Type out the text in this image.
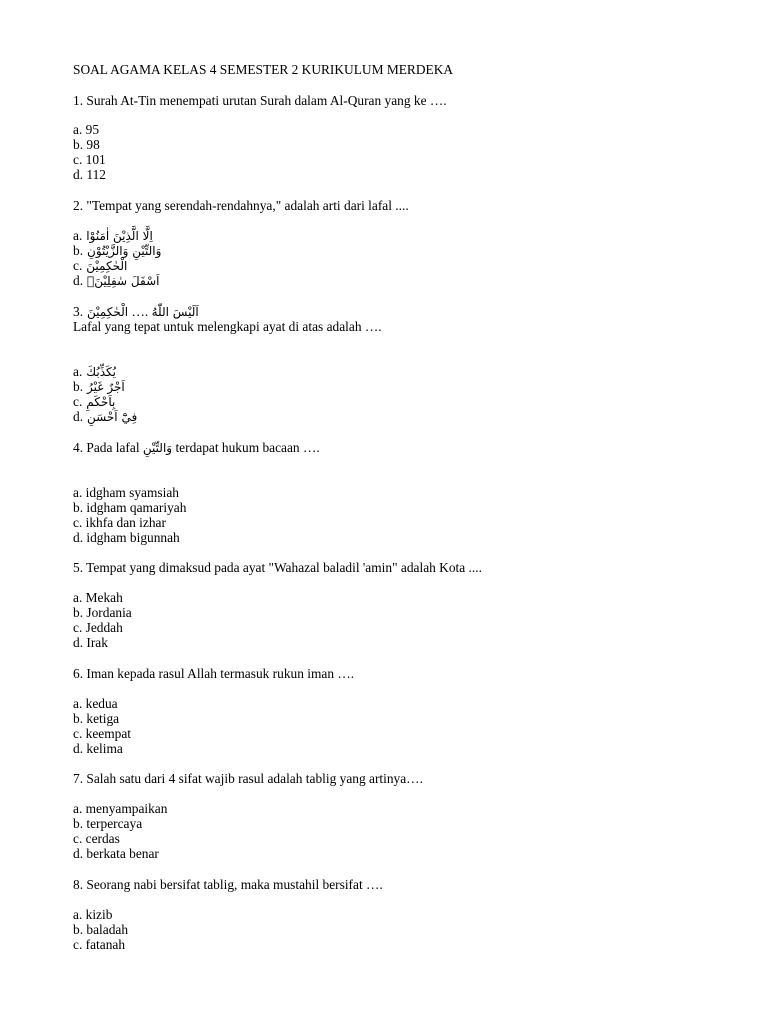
SOAL AGAMA KELAS 4 SEMESTER 2 KURIKULUM MERDEKA
1. Surah At-Tin menempati urutan Surah dalam Al-Quran yang ke ….
a. 95
b. 98
c. 101
d. 112
2. "Tempat yang serendah-rendahnya," adalah arti dari lafal ....
a. اِلَّا الَّذِيْنَ اٰمَنُوْا
b. وَالتِّيْنِ وَالزَّيْتُوْنِ
c. الْحٰكِمِيْنَ
d. اَسْفَلَ سٰفِلِيْنَۙ
3. الْحٰكِمِيْنَ …. اَلَيْسَ اللّٰهُ
Lafal yang tepat untuk melengkapi ayat di atas adalah ….
a. يُكَذِّبُكَ
b. اَجْرٌ غَيْرُ
c. بِاَحْكَمِ
d. فِيْٓ اَحْسَنِ
4. Pada lafal وَالتِّيْنِ terdapat hukum bacaan ….
a. idgham syamsiah
b. idgham qamariyah
c. ikhfa dan izhar
d. idgham bigunnah
5. Tempat yang dimaksud pada ayat "Wahazal baladil 'amin" adalah Kota ....
a. Mekah
b. Jordania
c. Jeddah
d. Irak
6. Iman kepada rasul Allah termasuk rukun iman ….
a. kedua
b. ketiga
c. keempat
d. kelima
7. Salah satu dari 4 sifat wajib rasul adalah tablig yang artinya….
a. menyampaikan
b. terpercaya
c. cerdas
d. berkata benar
8. Seorang nabi bersifat tablig, maka mustahil bersifat ….
a. kizib
b. baladah
c. fatanah
